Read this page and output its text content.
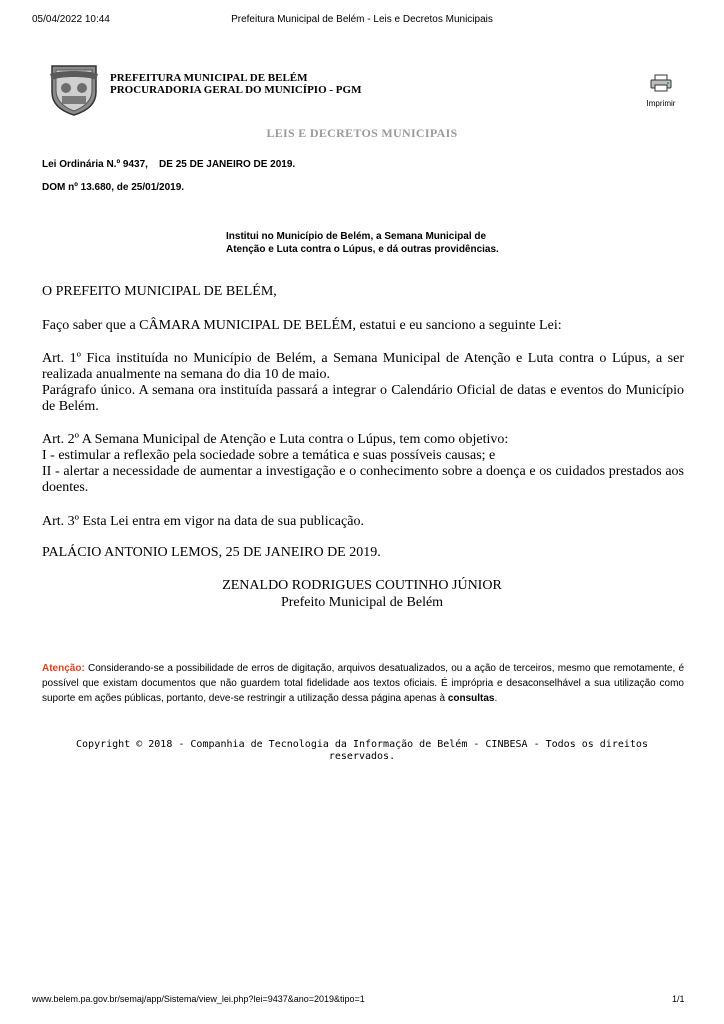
05/04/2022 10:44	Prefeitura Municipal de Belém - Leis e Decretos Municipais
PREFEITURA MUNICIPAL DE BELÉM
PROCURADORIA GERAL DO MUNICÍPIO - PGM
Imprimir
LEIS E DECRETOS MUNICIPAIS
Lei Ordinária N.º 9437,    DE 25 DE JANEIRO DE 2019.
DOM nº 13.680, de 25/01/2019.
Institui no Município de Belém, a Semana Municipal de Atenção e Luta contra o Lúpus, e dá outras providências.
O PREFEITO MUNICIPAL DE BELÉM,
Faço saber que a CÂMARA MUNICIPAL DE BELÉM, estatui e eu sanciono a seguinte Lei:
Art. 1º Fica instituída no Município de Belém, a Semana Municipal de Atenção e Luta contra o Lúpus, a ser realizada anualmente na semana do dia 10 de maio.
Parágrafo único. A semana ora instituída passará a integrar o Calendário Oficial de datas e eventos do Município de Belém.
Art. 2º A Semana Municipal de Atenção e Luta contra o Lúpus, tem como objetivo:
I - estimular a reflexão pela sociedade sobre a temática e suas possíveis causas; e
II - alertar a necessidade de aumentar a investigação e o conhecimento sobre a doença e os cuidados prestados aos doentes.
Art. 3º Esta Lei entra em vigor na data de sua publicação.
PALÁCIO ANTONIO LEMOS, 25 DE JANEIRO DE 2019.
ZENALDO RODRIGUES COUTINHO JÚNIOR
Prefeito Municipal de Belém
Atenção: Considerando-se a possibilidade de erros de digitação, arquivos desatualizados, ou a ação de terceiros, mesmo que remotamente, é possível que existam documentos que não guardem total fidelidade aos textos oficiais. É imprópria e desaconselhável a sua utilização como suporte em ações públicas, portanto, deve-se restringir a utilização dessa página apenas à consultas.
Copyright © 2018 - Companhia de Tecnologia da Informação de Belém - CINBESA - Todos os direitos reservados.
www.belem.pa.gov.br/semaj/app/Sistema/view_lei.php?lei=9437&ano=2019&tipo=1	1/1
